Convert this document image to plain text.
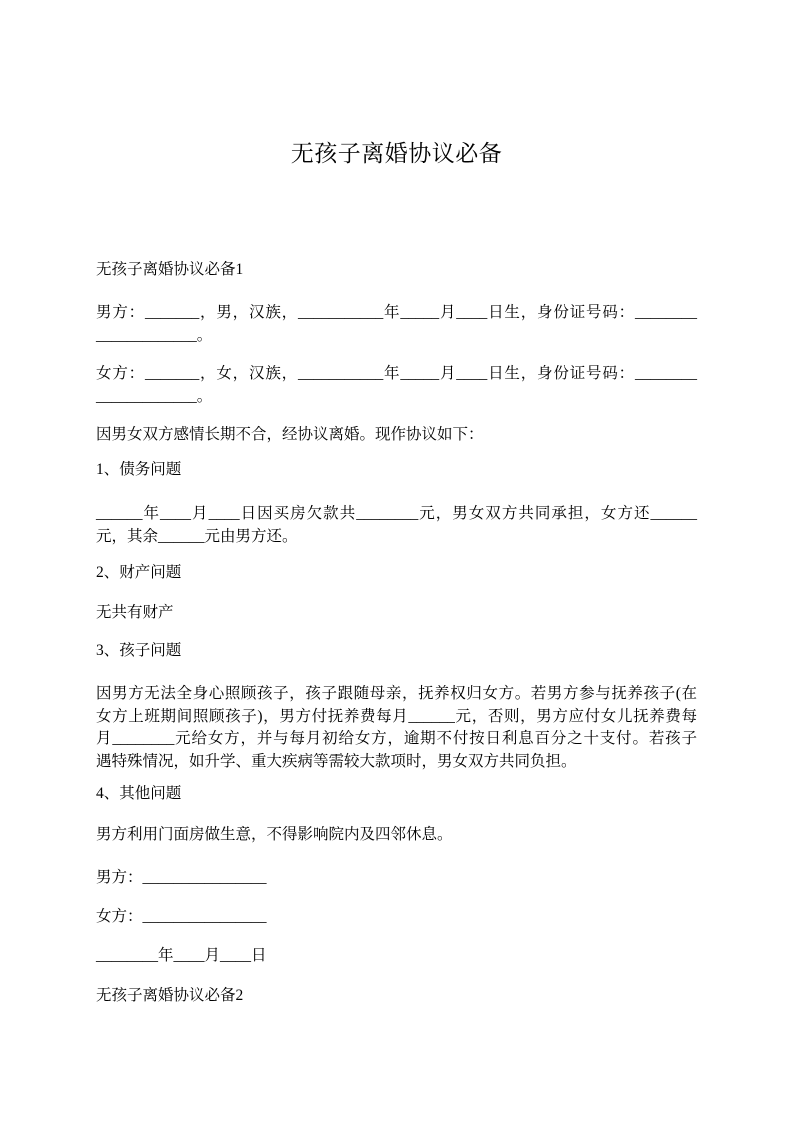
无孩子离婚协议必备
无孩子离婚协议必备1
男方：_______，男，汉族，___________年_____月____日生，身份证号码：________
_____________。
女方：_______，女，汉族，___________年_____月____日生，身份证号码：________
_____________。
因男女双方感情长期不合，经协议离婚。现作协议如下：
1、债务问题
______年____月____日因买房欠款共________元，男女双方共同承担，女方还______
元，其余______元由男方还。
2、财产问题
无共有财产
3、孩子问题
因男方无法全身心照顾孩子，孩子跟随母亲，抚养权归女方。若男方参与抚养孩子(在
女方上班期间照顾孩子)，男方付抚养费每月______元，否则，男方应付女儿抚养费每
月________元给女方，并与每月初给女方，逾期不付按日利息百分之十支付。若孩子
遇特殊情况，如升学、重大疾病等需较大款项时，男女双方共同负担。
4、其他问题
男方利用门面房做生意，不得影响院内及四邻休息。
男方：________________
女方：________________
________年____月____日
无孩子离婚协议必备2
